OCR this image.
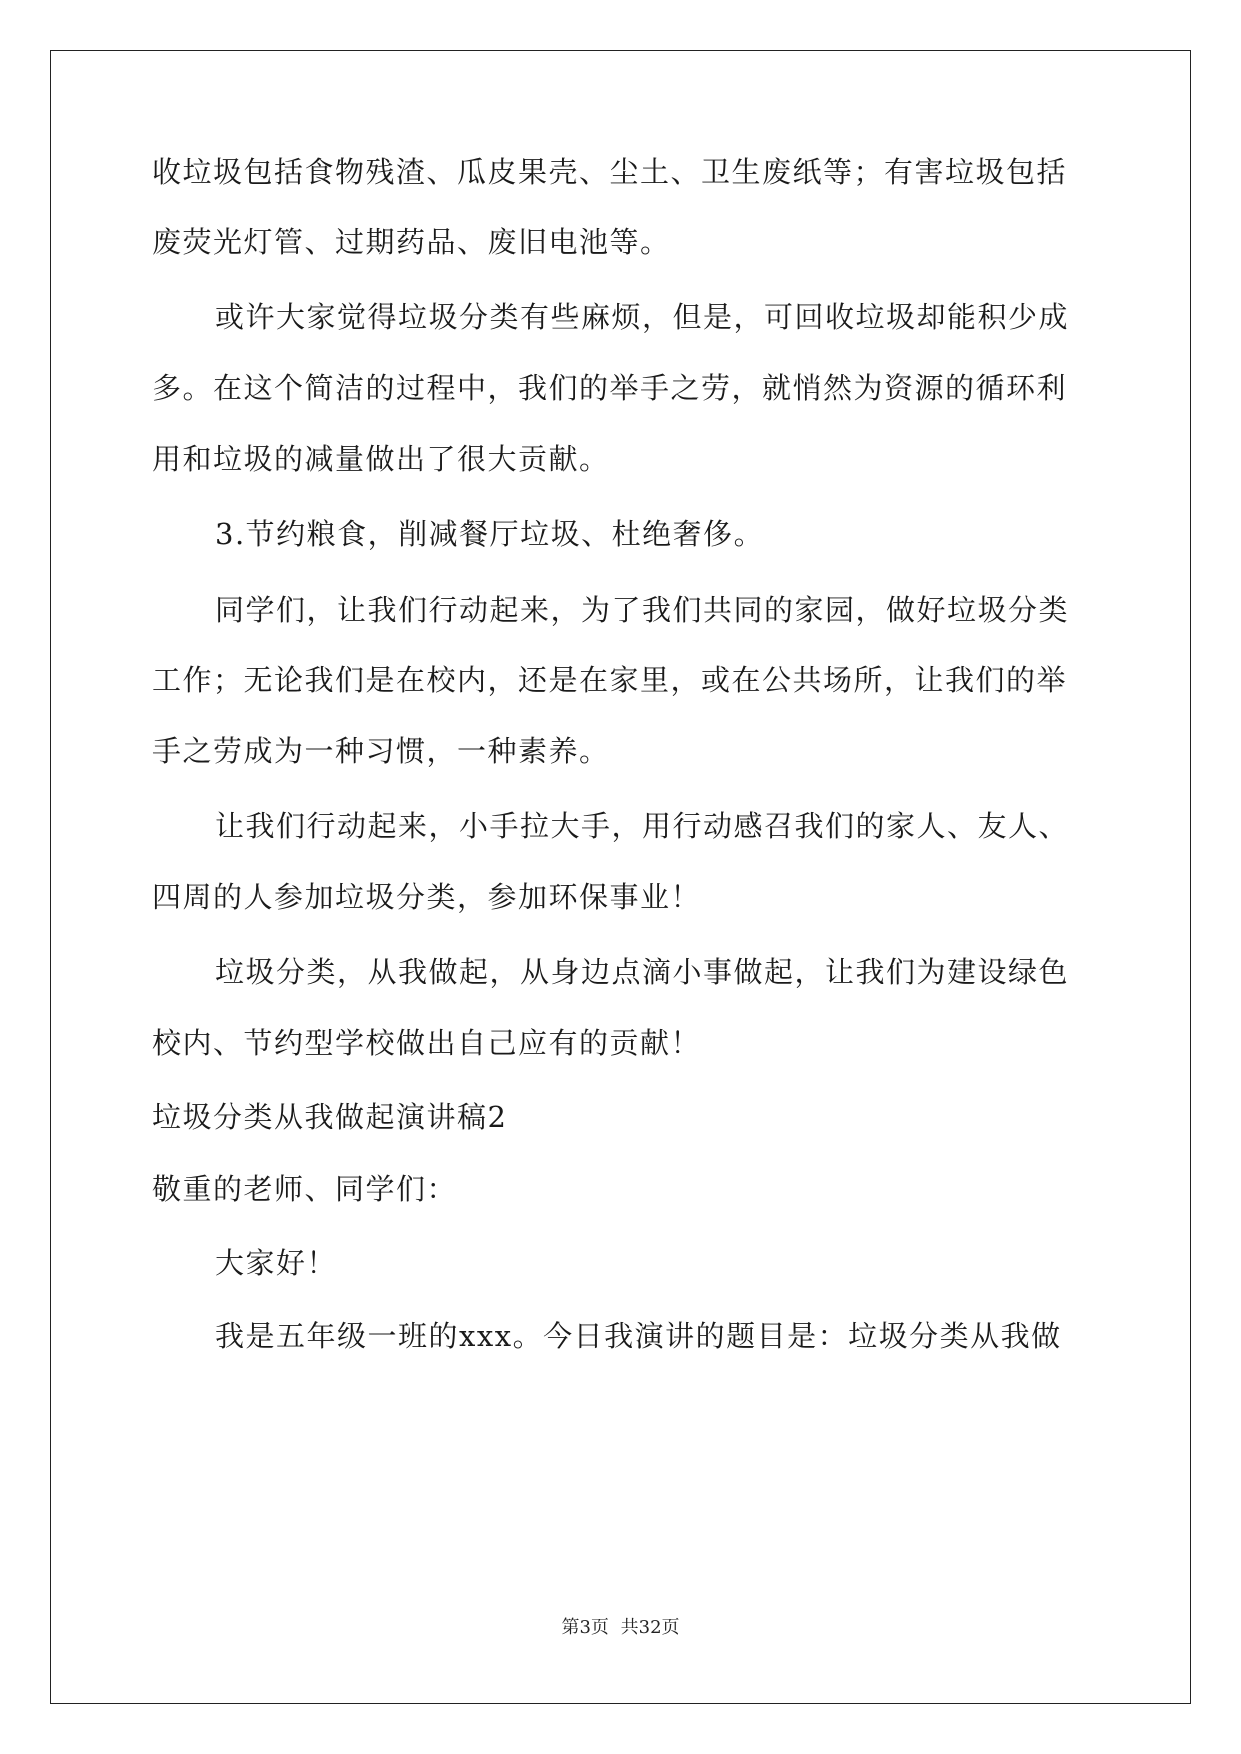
收垃圾包括食物残渣、瓜皮果壳、尘土、卫生废纸等；有害垃圾包括
废荧光灯管、过期药品、废旧电池等。
或许大家觉得垃圾分类有些麻烦，但是，可回收垃圾却能积少成
多。在这个简洁的过程中，我们的举手之劳，就悄然为资源的循环利
用和垃圾的减量做出了很大贡献。
3.节约粮食，削减餐厅垃圾、杜绝奢侈。
同学们，让我们行动起来，为了我们共同的家园，做好垃圾分类
工作；无论我们是在校内，还是在家里，或在公共场所，让我们的举
手之劳成为一种习惯，一种素养。
让我们行动起来，小手拉大手，用行动感召我们的家人、友人、
四周的人参加垃圾分类，参加环保事业！
垃圾分类，从我做起，从身边点滴小事做起，让我们为建设绿色
校内、节约型学校做出自己应有的贡献！
垃圾分类从我做起演讲稿2
敬重的老师、同学们：
大家好！
我是五年级一班的xxx。今日我演讲的题目是：垃圾分类从我做
第3页 共32页
